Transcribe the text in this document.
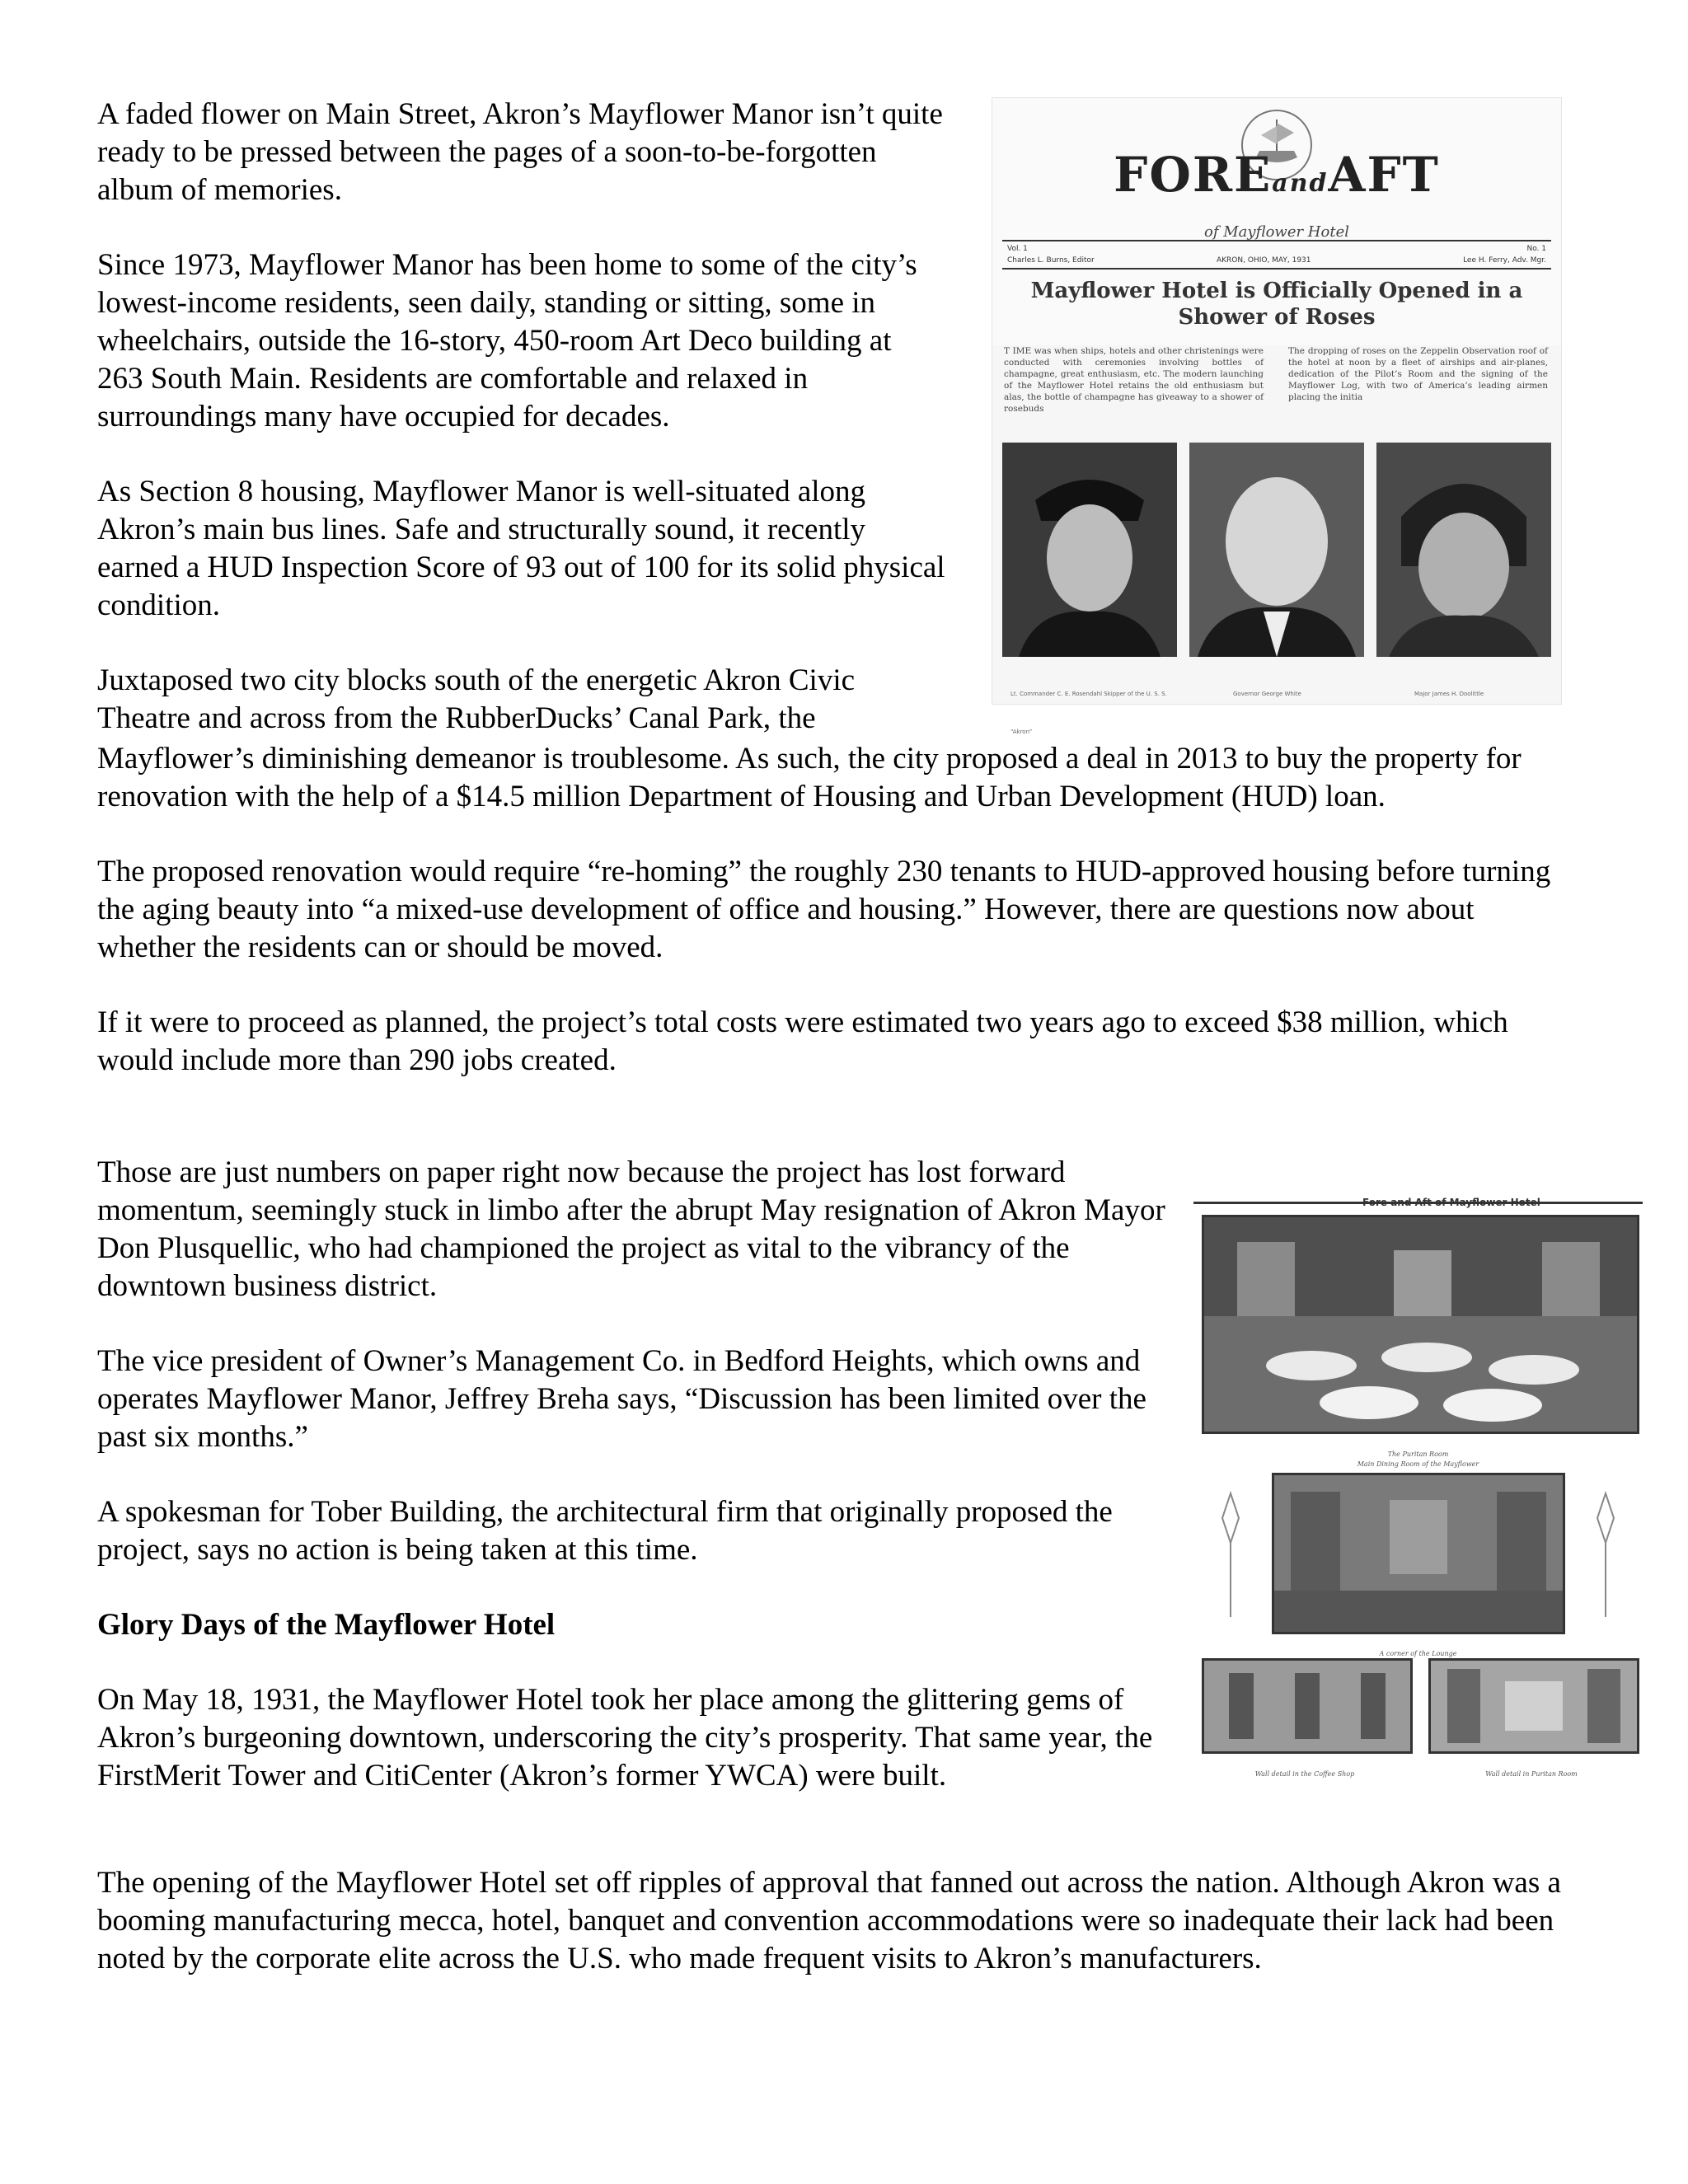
A faded flower on Main Street, Akron’s Mayflower Manor isn’t quite ready to be pressed between the pages of a soon-to-be-forgotten album of memories.

Since 1973, Mayflower Manor has been home to some of the city’s lowest-income residents, seen daily, standing or sitting, some in wheelchairs, outside the 16-story, 450-room Art Deco building at 263 South Main. Residents are comfortable and relaxed in surroundings many have occupied for decades.

As Section 8 housing, Mayflower Manor is well-situated along Akron’s main bus lines. Safe and structurally sound, it recently earned a HUD Inspection Score of 93 out of 100 for its solid physical condition.

Juxtaposed two city blocks south of the energetic Akron Civic Theatre and across from the RubberDucks’ Canal Park, the

Mayflower’s diminishing demeanor is troublesome. As such, the city proposed a deal in 2013 to buy the property for renovation with the help of a $14.5 million Department of Housing and Urban Development (HUD) loan.

The proposed renovation would require “re-homing” the roughly 230 tenants to HUD-approved housing before turning the aging beauty into “a mixed-use development of office and housing.” However, there are questions now about whether the residents can or should be moved.

If it were to proceed as planned, the project’s total costs were estimated two years ago to exceed $38 million, which would include more than 290 jobs created.

Those are just numbers on paper right now because the project has lost forward momentum, seemingly stuck in limbo after the abrupt May resignation of Akron Mayor Don Plusquellic, who had championed the project as vital to the vibrancy of the downtown business district.

The vice president of Owner’s Management Co. in Bedford Heights, which owns and operates Mayflower Manor, Jeffrey Breha says, “Discussion has been limited over the past six months.”

A spokesman for Tober Building, the architectural firm that originally proposed the project, says no action is being taken at this time.

Glory Days of the Mayflower Hotel

On May 18, 1931, the Mayflower Hotel took her place among the glittering gems of Akron’s burgeoning downtown, underscoring the city’s prosperity. That same year, the FirstMerit Tower and CitiCenter (Akron’s former YWCA) were built.

The opening of the Mayflower Hotel set off ripples of approval that fanned out across the nation. Although Akron was a booming manufacturing mecca, hotel, banquet and convention accommodations were so inadequate their lack had been noted by the corporate elite across the U.S. who made frequent visits to Akron’s manufacturers.

FOREandAFT
of Mayflower Hotel
Vol. 1	No. 1
Charles L. Burns, Editor	AKRON, OHIO, MAY, 1931	Lee H. Ferry, Adv. Mgr.
Mayflower Hotel is Officially Opened in a Shower of Roses
T IME was when ships, hotels and other christenings were conducted with ceremonies involving bottles of champagne, great enthusiasm, etc. The modern launching of the Mayflower Hotel retains the old enthusiasm but alas, the bottle of champagne has giveaway to a shower of rosebuds
The dropping of roses on the Zeppelin Observation roof of the hotel at noon by a fleet of airships and air-planes, dedication of the Pilot’s Room and the signing of the Mayflower Log, with two of America’s leading airmen placing the initia
Lt. Commander C. E. Rosendahl Skipper of the U. S. S. “Akron”
Governor George White	Major James H. Doolittle
Fore and Aft of Mayflower Hotel
The Puritan Room
Main Dining Room of the Mayflower
A corner of the Lounge
Wall detail in the Coffee Shop	Wall detail in Puritan Room
